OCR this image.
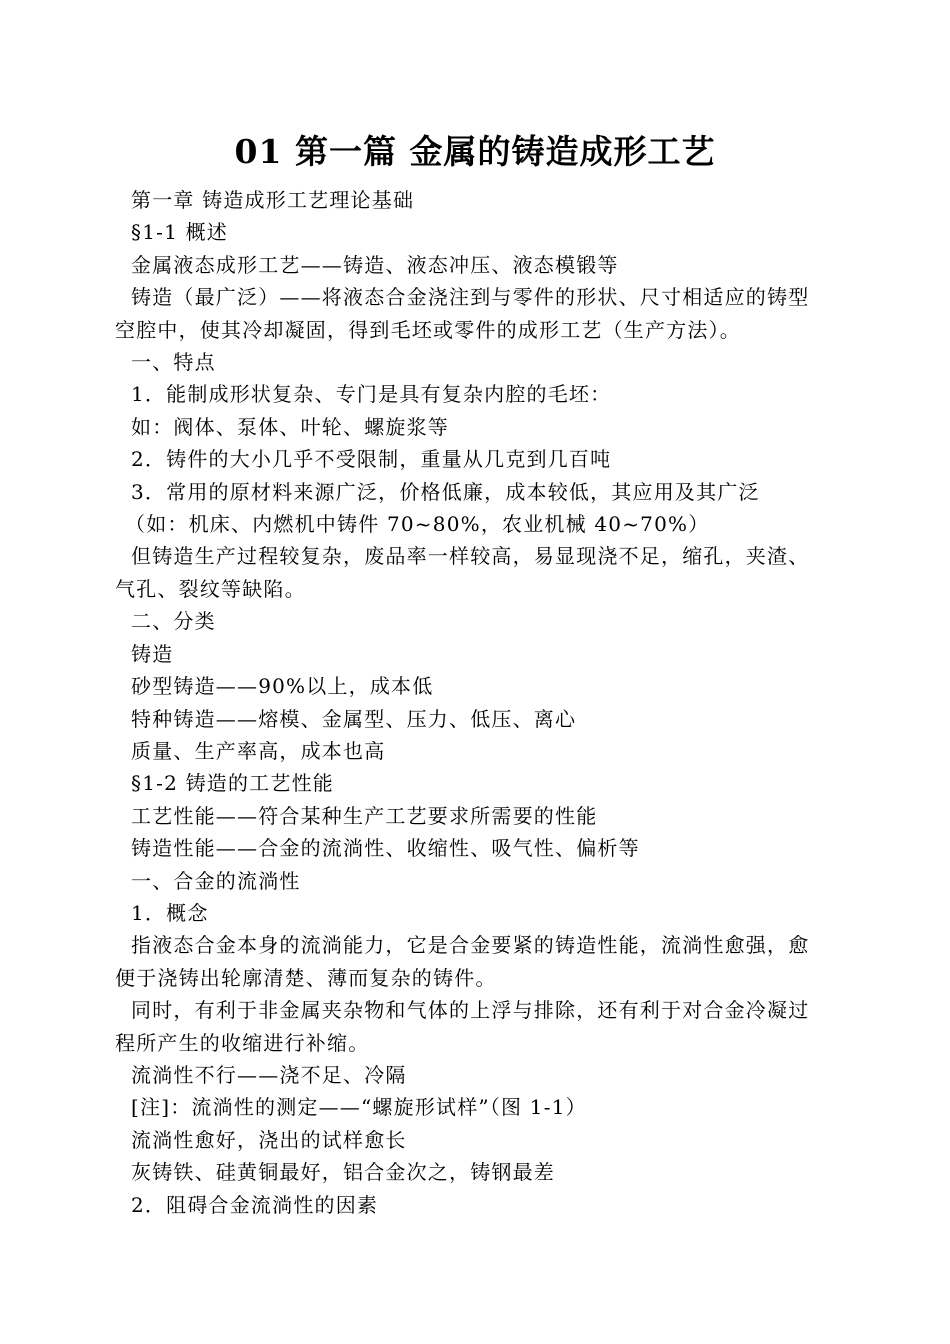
01 第一篇 金属的铸造成形工艺

第一章 铸造成形工艺理论基础

§1-1 概述

金属液态成形工艺——铸造、液态冲压、液态模锻等

铸造（最广泛）——将液态合金浇注到与零件的形状、尺寸相适应的铸型空腔中，使其冷却凝固，得到毛坯或零件的成形工艺（生产方法）。

一、特点

1．能制成形状复杂、专门是具有复杂内腔的毛坯：

如：阀体、泵体、叶轮、螺旋浆等

2．铸件的大小几乎不受限制，重量从几克到几百吨

3．常用的原材料来源广泛，价格低廉，成本较低，其应用及其广泛

（如：机床、内燃机中铸件 70~80%，农业机械 40~70%）

但铸造生产过程较复杂，废品率一样较高，易显现浇不足，缩孔，夹渣、气孔、裂纹等缺陷。

二、分类

铸造

砂型铸造——90%以上，成本低

特种铸造——熔模、金属型、压力、低压、离心

质量、生产率高，成本也高

§1-2 铸造的工艺性能

工艺性能——符合某种生产工艺要求所需要的性能

铸造性能——合金的流淌性、收缩性、吸气性、偏析等

一、合金的流淌性

1．概念

指液态合金本身的流淌能力，它是合金要紧的铸造性能，流淌性愈强，愈便于浇铸出轮廓清楚、薄而复杂的铸件。

同时，有利于非金属夹杂物和气体的上浮与排除，还有利于对合金冷凝过程所产生的收缩进行补缩。

流淌性不行——浇不足、冷隔

[注]：流淌性的测定——“螺旋形试样”（图 1-1）

流淌性愈好，浇出的试样愈长

灰铸铁、硅黄铜最好，铝合金次之，铸钢最差

2．阻碍合金流淌性的因素
